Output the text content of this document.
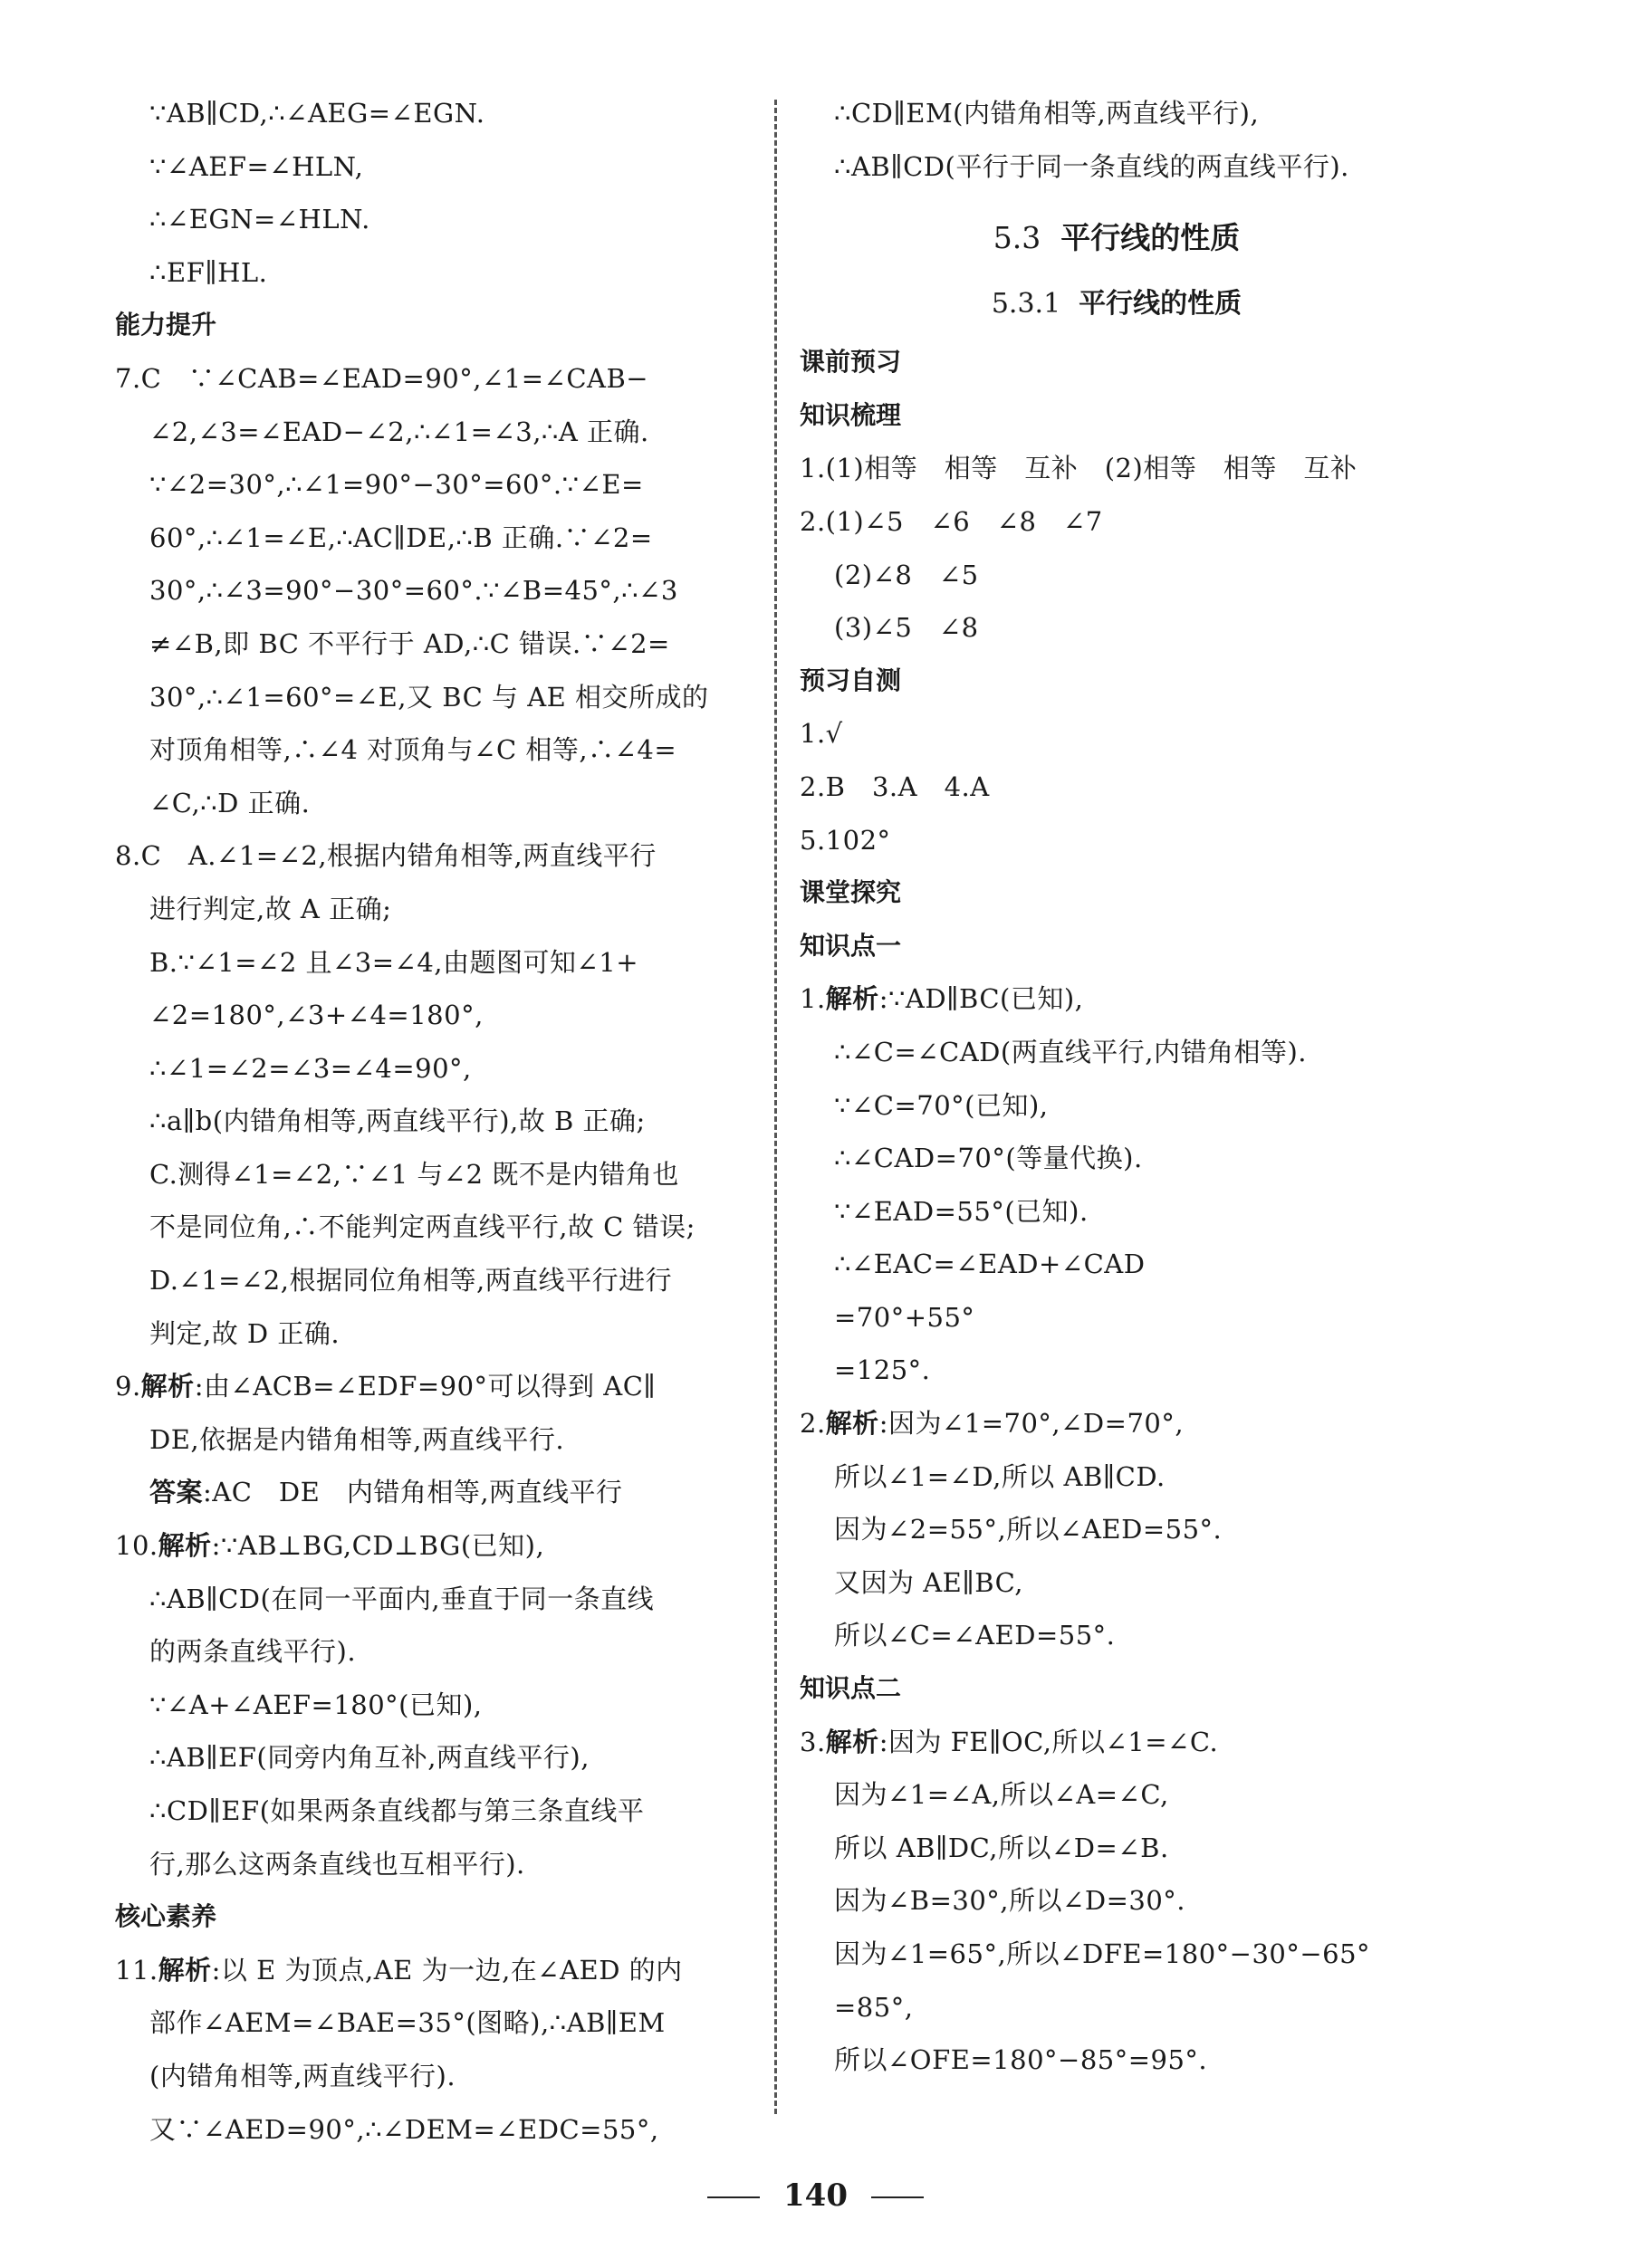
∵AB∥CD,∴∠AEG=∠EGN.
∵∠AEF=∠HLN,
∴∠EGN=∠HLN.
∴EF∥HL.
能力提升
7.C　∵∠CAB=∠EAD=90°,∠1=∠CAB−
∠2,∠3=∠EAD−∠2,∴∠1=∠3,∴A 正确.
∵∠2=30°,∴∠1=90°−30°=60°.∵∠E=
60°,∴∠1=∠E,∴AC∥DE,∴B 正确.∵∠2=
30°,∴∠3=90°−30°=60°.∵∠B=45°,∴∠3
≠∠B,即 BC 不平行于 AD,∴C 错误.∵∠2=
30°,∴∠1=60°=∠E,又 BC 与 AE 相交所成的
对顶角相等,∴∠4 对顶角与∠C 相等,∴∠4=
∠C,∴D 正确.
8.C　A.∠1=∠2,根据内错角相等,两直线平行
进行判定,故 A 正确;
B.∵∠1=∠2 且∠3=∠4,由题图可知∠1+
∠2=180°,∠3+∠4=180°,
∴∠1=∠2=∠3=∠4=90°,
∴a∥b(内错角相等,两直线平行),故 B 正确;
C.测得∠1=∠2,∵∠1 与∠2 既不是内错角也
不是同位角,∴不能判定两直线平行,故 C 错误;
D.∠1=∠2,根据同位角相等,两直线平行进行
判定,故 D 正确.
9.解析:由∠ACB=∠EDF=90°可以得到 AC∥
DE,依据是内错角相等,两直线平行.
答案:AC　DE　内错角相等,两直线平行
10.解析:∵AB⊥BG,CD⊥BG(已知),
∴AB∥CD(在同一平面内,垂直于同一条直线
的两条直线平行).
∵∠A+∠AEF=180°(已知),
∴AB∥EF(同旁内角互补,两直线平行),
∴CD∥EF(如果两条直线都与第三条直线平
行,那么这两条直线也互相平行).
核心素养
11.解析:以 E 为顶点,AE 为一边,在∠AED 的内
部作∠AEM=∠BAE=35°(图略),∴AB∥EM
(内错角相等,两直线平行).
又∵∠AED=90°,∴∠DEM=∠EDC=55°,
∴CD∥EM(内错角相等,两直线平行),
∴AB∥CD(平行于同一条直线的两直线平行).
5.3 平行线的性质
5.3.1 平行线的性质
课前预习
知识梳理
1.(1)相等　相等　互补　(2)相等　相等　互补
2.(1)∠5　∠6　∠8　∠7
(2)∠8　∠5
(3)∠5　∠8
预习自测
1.√
2.B　3.A　4.A
5.102°
课堂探究
知识点一
1.解析:∵AD∥BC(已知),
∴∠C=∠CAD(两直线平行,内错角相等).
∵∠C=70°(已知),
∴∠CAD=70°(等量代换).
∵∠EAD=55°(已知).
∴∠EAC=∠EAD+∠CAD
=70°+55°
=125°.
2.解析:因为∠1=70°,∠D=70°,
所以∠1=∠D,所以 AB∥CD.
因为∠2=55°,所以∠AED=55°.
又因为 AE∥BC,
所以∠C=∠AED=55°.
知识点二
3.解析:因为 FE∥OC,所以∠1=∠C.
因为∠1=∠A,所以∠A=∠C,
所以 AB∥DC,所以∠D=∠B.
因为∠B=30°,所以∠D=30°.
因为∠1=65°,所以∠DFE=180°−30°−65°
=85°,
所以∠OFE=180°−85°=95°.
140
